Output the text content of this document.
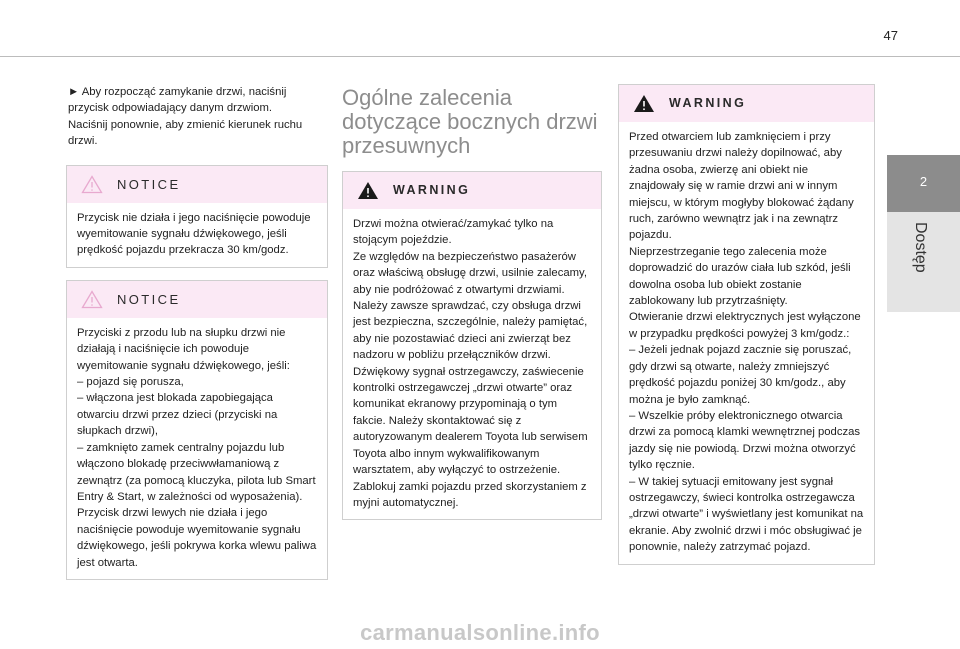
47
2
Dostęp
► Aby rozpocząć zamykanie drzwi, naciśnij przycisk odpowiadający danym drzwiom.
Naciśnij ponownie, aby zmienić kierunek ruchu drzwi.
NOTICE
Przycisk nie działa i jego naciśnięcie powoduje wyemitowanie sygnału dźwiękowego, jeśli prędkość pojazdu przekracza 30 km/godz.
NOTICE
Przyciski z przodu lub na słupku drzwi nie działają i naciśnięcie ich powoduje wyemitowanie sygnału dźwiękowego, jeśli:
– pojazd się porusza,
– włączona jest blokada zapobiegająca otwarciu drzwi przez dzieci (przyciski na słupkach drzwi),
– zamknięto zamek centralny pojazdu lub włączono blokadę przeciwwłamaniową z zewnątrz (za pomocą kluczyka, pilota lub Smart Entry & Start, w zależności od wyposażenia).
Przycisk drzwi lewych nie działa i jego naciśnięcie powoduje wyemitowanie sygnału dźwiękowego, jeśli pokrywa korka wlewu paliwa jest otwarta.
Ogólne zalecenia dotyczące bocznych drzwi przesuwnych
WARNING
Drzwi można otwierać/zamykać tylko na stojącym pojeździe.
Ze względów na bezpieczeństwo pasażerów oraz właściwą obsługę drzwi, usilnie zalecamy, aby nie podróżować z otwartymi drzwiami.
Należy zawsze sprawdzać, czy obsługa drzwi jest bezpieczna, szczególnie, należy pamiętać, aby nie pozostawiać dzieci ani zwierząt bez nadzoru w pobliżu przełączników drzwi.
Dźwiękowy sygnał ostrzegawczy, zaświecenie kontrolki ostrzegawczej „drzwi otwarte” oraz komunikat ekranowy przypominają o tym fakcie. Należy skontaktować się z autoryzowanym dealerem Toyota lub serwisem Toyota albo innym wykwalifikowanym warsztatem, aby wyłączyć to ostrzeżenie.
Zablokuj zamki pojazdu przed skorzystaniem z myjni automatycznej.
WARNING
Przed otwarciem lub zamknięciem i przy przesuwaniu drzwi należy dopilnować, aby żadna osoba, zwierzę ani obiekt nie znajdowały się w ramie drzwi ani w innym miejscu, w którym mogłyby blokować żądany ruch, zarówno wewnątrz jak i na zewnątrz pojazdu.
Nieprzestrzeganie tego zalecenia może doprowadzić do urazów ciała lub szkód, jeśli dowolna osoba lub obiekt zostanie zablokowany lub przytrzaśnięty.
Otwieranie drzwi elektrycznych jest wyłączone w przypadku prędkości powyżej 3 km/godz.:
– Jeżeli jednak pojazd zacznie się poruszać, gdy drzwi są otwarte, należy zmniejszyć prędkość pojazdu poniżej 30 km/godz., aby można je było zamknąć.
– Wszelkie próby elektronicznego otwarcia drzwi za pomocą klamki wewnętrznej podczas jazdy się nie powiodą. Drzwi można otworzyć tylko ręcznie.
– W takiej sytuacji emitowany jest sygnał ostrzegawczy, świeci kontrolka ostrzegawcza „drzwi otwarte” i wyświetlany jest komunikat na ekranie. Aby zwolnić drzwi i móc obsługiwać je ponownie, należy zatrzymać pojazd.
carmanualsonline.info
